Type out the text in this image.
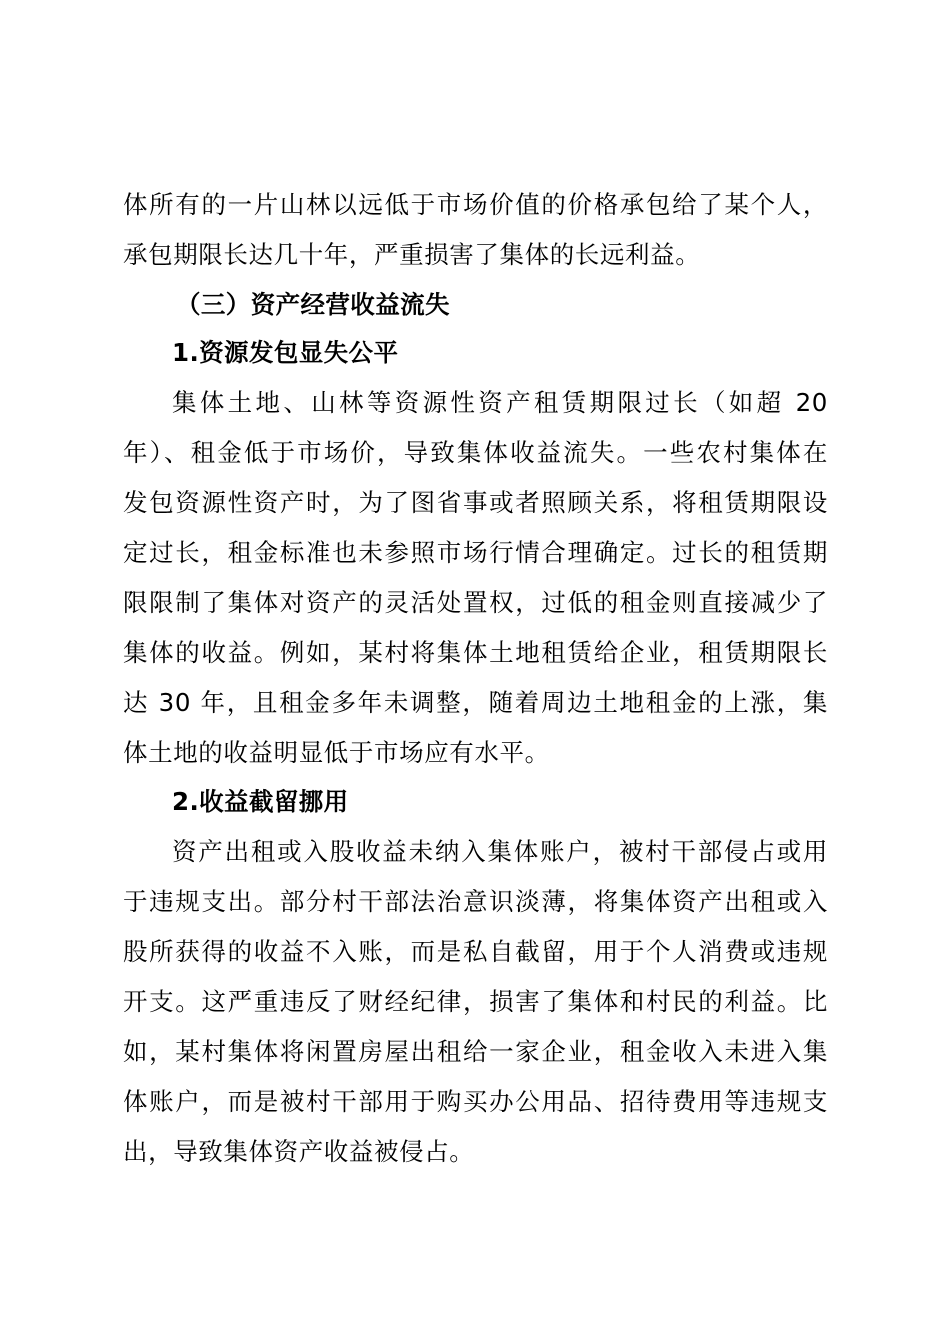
体所有的一片山林以远低于市场价值的价格承包给了某个人，
承包期限长达几十年，严重损害了集体的长远利益。
（三）资产经营收益流失
1.资源发包显失公平
集体土地、山林等资源性资产租赁期限过长（如超 20
年）、租金低于市场价，导致集体收益流失。一些农村集体在
发包资源性资产时，为了图省事或者照顾关系，将租赁期限设
定过长，租金标准也未参照市场行情合理确定。过长的租赁期
限限制了集体对资产的灵活处置权，过低的租金则直接减少了
集体的收益。例如，某村将集体土地租赁给企业，租赁期限长
达 30 年，且租金多年未调整，随着周边土地租金的上涨，集
体土地的收益明显低于市场应有水平。
2.收益截留挪用
资产出租或入股收益未纳入集体账户，被村干部侵占或用
于违规支出。部分村干部法治意识淡薄，将集体资产出租或入
股所获得的收益不入账，而是私自截留，用于个人消费或违规
开支。这严重违反了财经纪律，损害了集体和村民的利益。比
如，某村集体将闲置房屋出租给一家企业，租金收入未进入集
体账户，而是被村干部用于购买办公用品、招待费用等违规支
出，导致集体资产收益被侵占。
